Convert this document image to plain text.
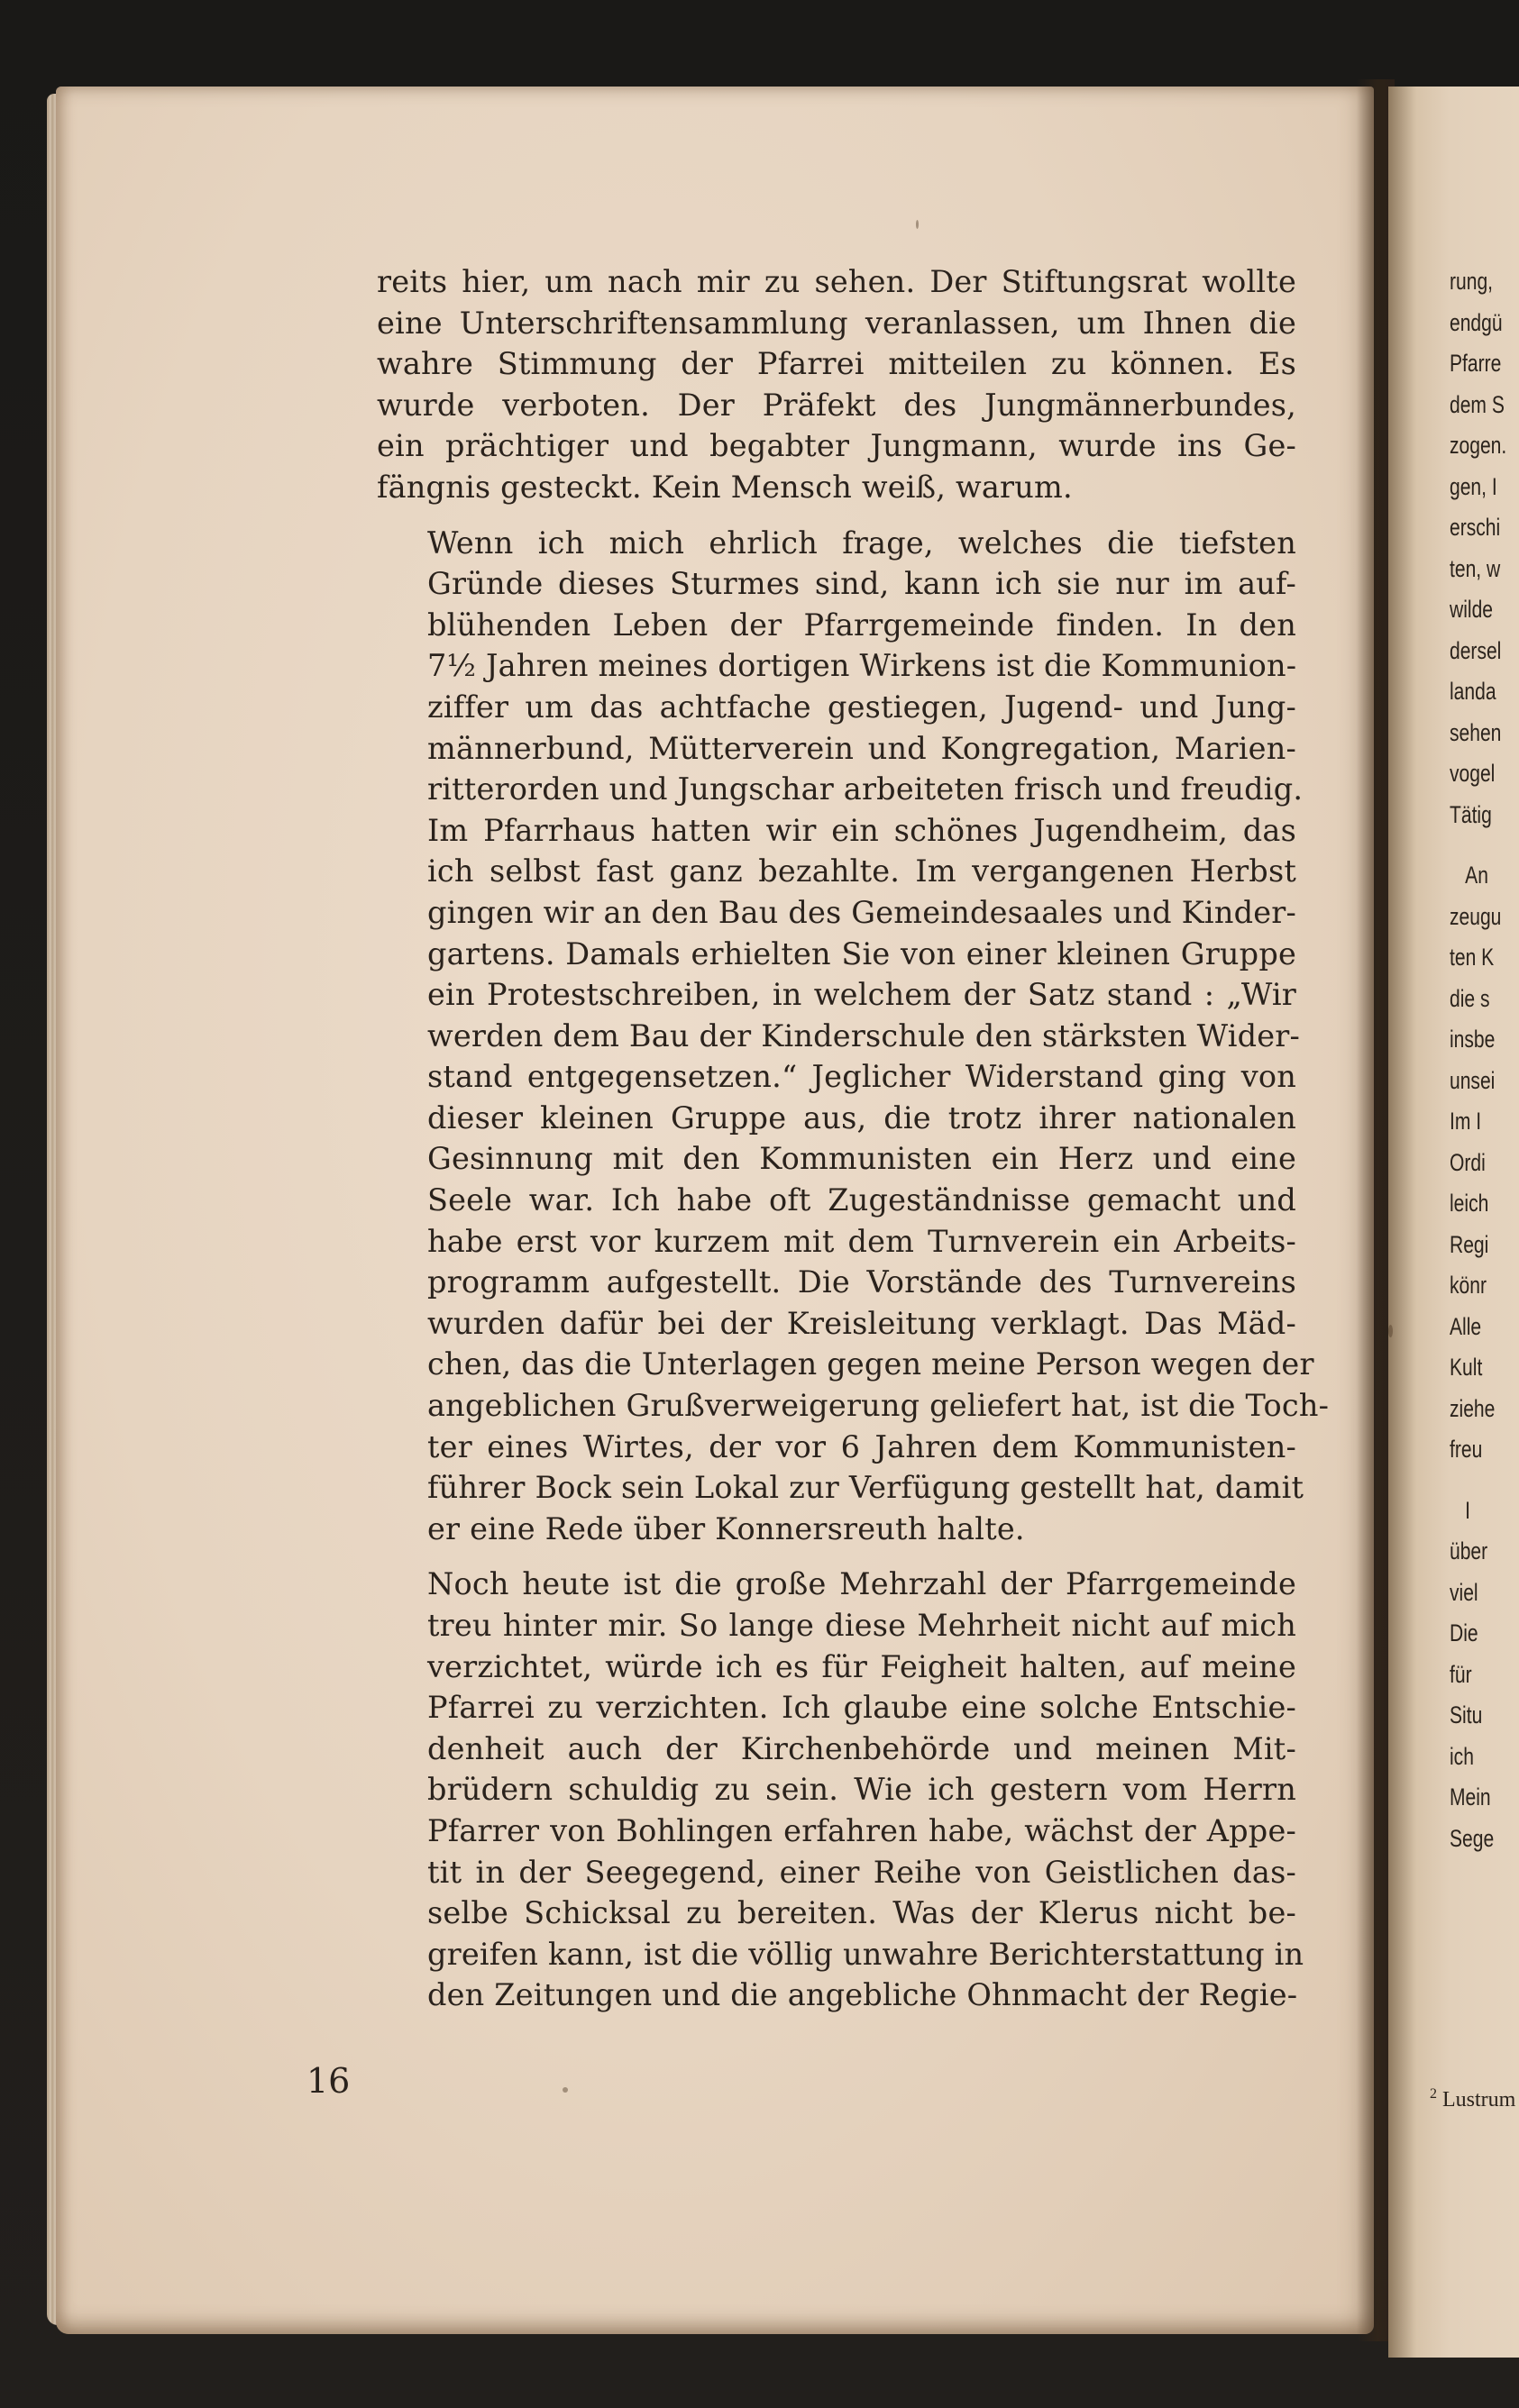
reits hier, um nach mir zu sehen. Der Stiftungsrat wollte
eine Unterschriftensammlung veranlassen, um Ihnen die
wahre Stimmung der Pfarrei mitteilen zu können. Es
wurde verboten. Der Präfekt des Jungmännerbundes,
ein prächtiger und begabter Jungmann, wurde ins Ge-
fängnis gesteckt. Kein Mensch weiß, warum.
Wenn ich mich ehrlich frage, welches die tiefsten
Gründe dieses Sturmes sind, kann ich sie nur im auf-
blühenden Leben der Pfarrgemeinde finden. In den
7½ Jahren meines dortigen Wirkens ist die Kommunion-
ziffer um das achtfache gestiegen, Jugend- und Jung-
männerbund, Mütterverein und Kongregation, Marien-
ritterorden und Jungschar arbeiteten frisch und freudig.
Im Pfarrhaus hatten wir ein schönes Jugendheim, das
ich selbst fast ganz bezahlte. Im vergangenen Herbst
gingen wir an den Bau des Gemeindesaales und Kinder-
gartens. Damals erhielten Sie von einer kleinen Gruppe
ein Protestschreiben, in welchem der Satz stand : „Wir
werden dem Bau der Kinderschule den stärksten Wider-
stand entgegensetzen.“ Jeglicher Widerstand ging von
dieser kleinen Gruppe aus, die trotz ihrer nationalen
Gesinnung mit den Kommunisten ein Herz und eine
Seele war. Ich habe oft Zugeständnisse gemacht und
habe erst vor kurzem mit dem Turnverein ein Arbeits-
programm aufgestellt. Die Vorstände des Turnvereins
wurden dafür bei der Kreisleitung verklagt. Das Mäd-
chen, das die Unterlagen gegen meine Person wegen der
angeblichen Grußverweigerung geliefert hat, ist die Toch-
ter eines Wirtes, der vor 6 Jahren dem Kommunisten-
führer Bock sein Lokal zur Verfügung gestellt hat, damit
er eine Rede über Konnersreuth halte.
Noch heute ist die große Mehrzahl der Pfarrgemeinde
treu hinter mir. So lange diese Mehrheit nicht auf mich
verzichtet, würde ich es für Feigheit halten, auf meine
Pfarrei zu verzichten. Ich glaube eine solche Entschie-
denheit auch der Kirchenbehörde und meinen Mit-
brüdern schuldig zu sein. Wie ich gestern vom Herrn
Pfarrer von Bohlingen erfahren habe, wächst der Appe-
tit in der Seegegend, einer Reihe von Geistlichen das-
selbe Schicksal zu bereiten. Was der Klerus nicht be-
greifen kann, ist die völlig unwahre Berichterstattung in
den Zeitungen und die angebliche Ohnmacht der Regie-
16
rung,
endgü
Pfarre
dem S
zogen.
gen, I
erschi
ten, w
wilde
dersel
landa
sehen
vogel
Tätig
An
zeugu
ten K
die s
insbe
unsei
Im I
Ordi
leich
Regi
könr
Alle
Kult
ziehe
freu
I
über
viel
Die
für
Situ
ich
Mein
Sege
$^2$ Lustrum
